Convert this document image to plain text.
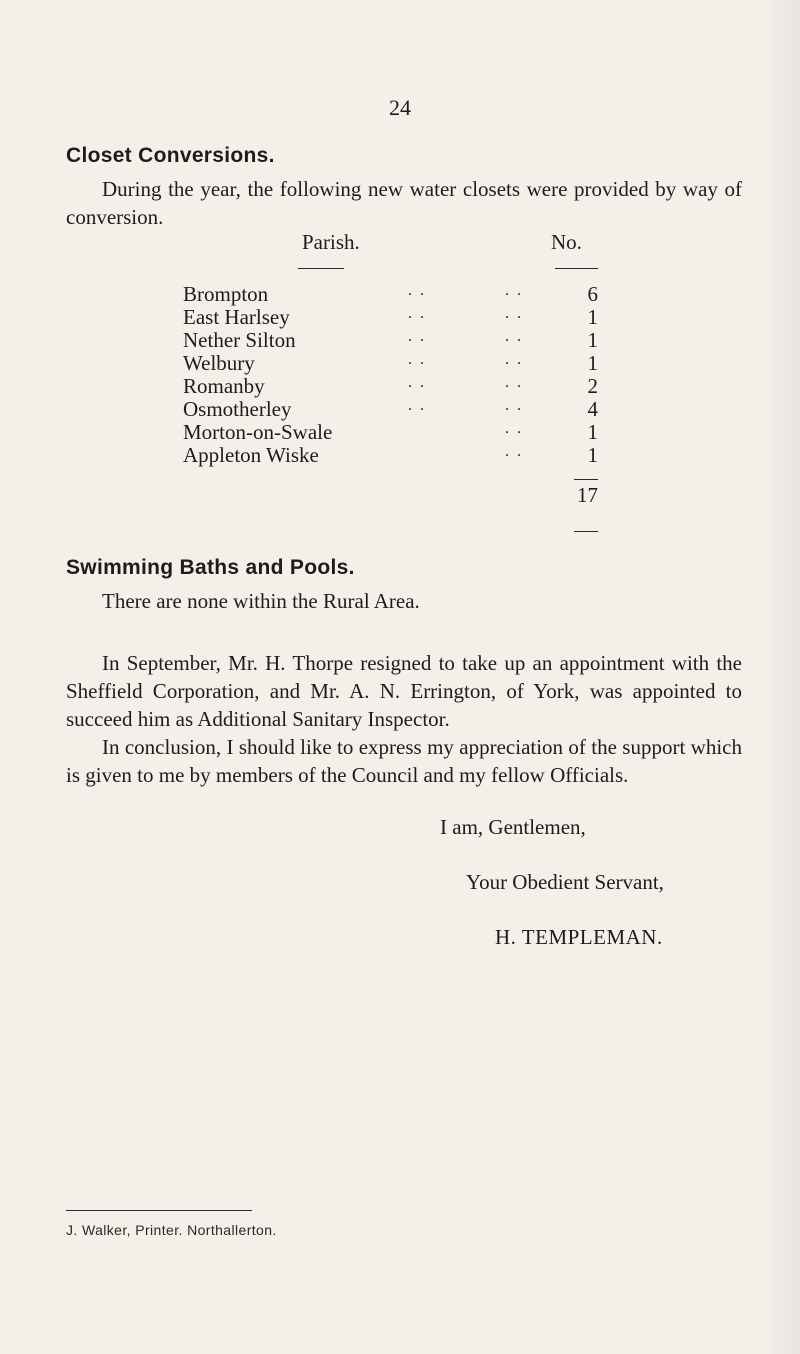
24
Closet Conversions.

During the year, the following new water closets were provided by way of conversion.

Parish.	No.
Brompton	. .	. .	6
East Harlsey	. .	. .	1
Nether Silton	. .	. .	1
Welbury	. .	. .	1
Romanby	. .	. .	2
Osmotherley	. .	. .	4
Morton-on-Swale	. .	1
Appleton Wiske	. .	1
17
Swimming Baths and Pools.

There are none within the Rural Area.

In September, Mr. H. Thorpe resigned to take up an appointment with the Sheffield Corporation, and Mr. A. N. Errington, of York, was appointed to succeed him as Additional Sanitary Inspector.

In conclusion, I should like to express my appreciation of the support which is given to me by members of the Council and my fellow Officials.

I am, Gentlemen,
Your Obedient Servant,
H. TEMPLEMAN.
J. Walker, Printer. Northallerton.
